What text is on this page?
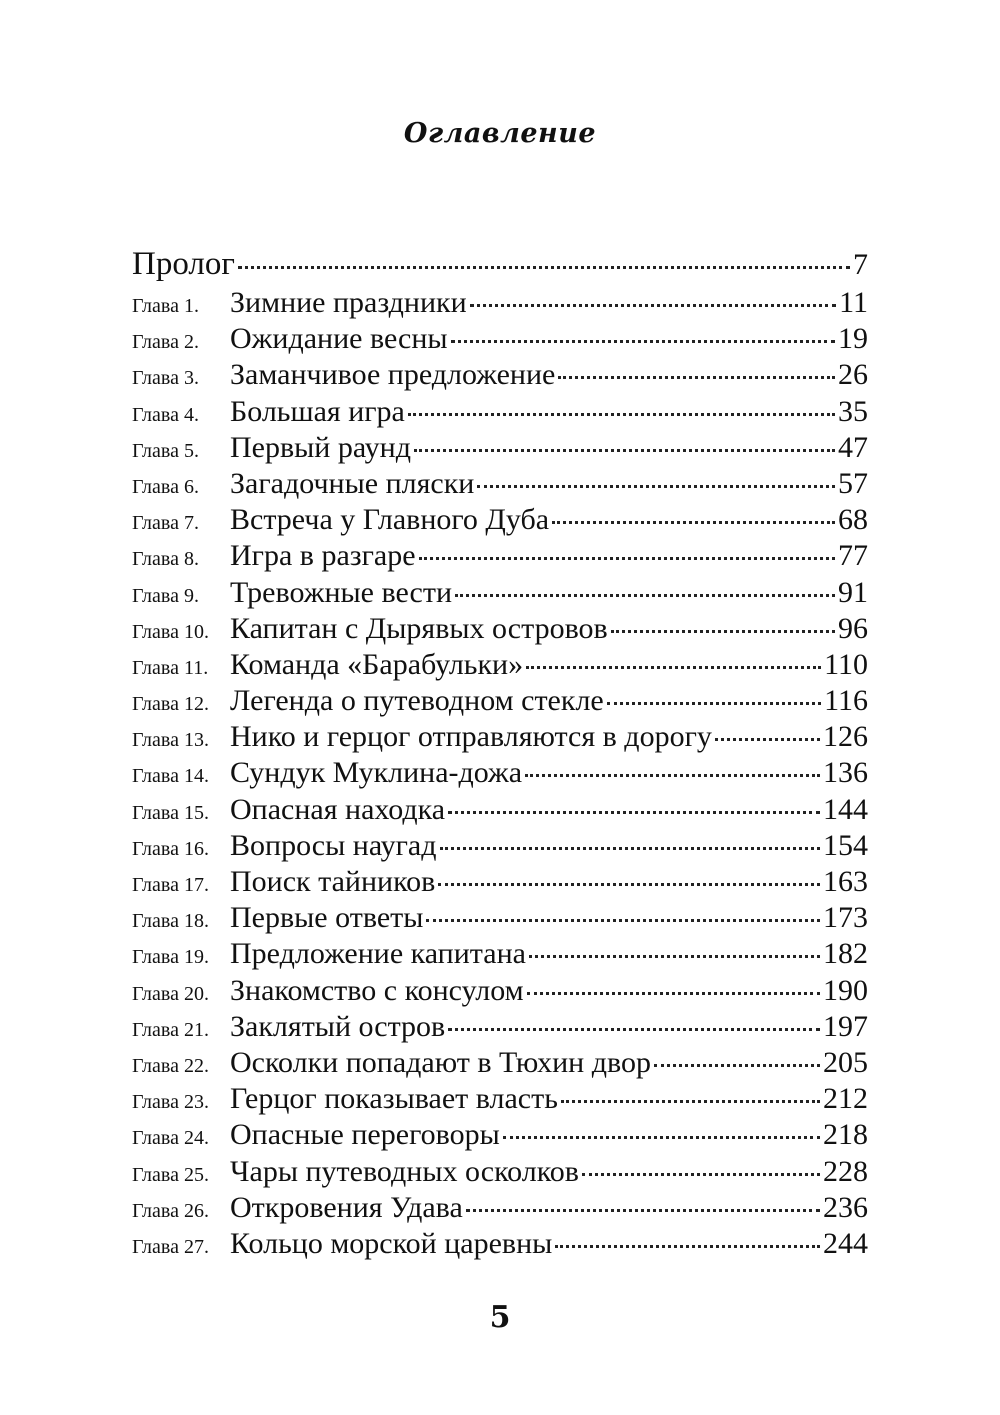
Оглавление
Пролог	7
Глава 1.	Зимние праздники	11
Глава 2.	Ожидание весны	19
Глава 3.	Заманчивое предложение	26
Глава 4.	Большая игра	35
Глава 5.	Первый раунд	47
Глава 6.	Загадочные пляски	57
Глава 7.	Встреча у Главного Дуба	68
Глава 8.	Игра в разгаре	77
Глава 9.	Тревожные вести	91
Глава 10. Капитан с Дырявых островов	96
Глава 11. Команда «Барабульки»	110
Глава 12. Легенда о путеводном стекле	116
Глава 13. Нико и герцог отправляются в дорогу	126
Глава 14. Сундук Муклина-дожа	136
Глава 15. Опасная находка	144
Глава 16. Вопросы наугад	154
Глава 17. Поиск тайников	163
Глава 18. Первые ответы	173
Глава 19. Предложение капитана	182
Глава 20. Знакомство с консулом	190
Глава 21. Заклятый остров	197
Глава 22. Осколки попадают в Тюхин двор	205
Глава 23. Герцог показывает власть	212
Глава 24. Опасные переговоры	218
Глава 25. Чары путеводных осколков	228
Глава 26. Откровения Удава	236
Глава 27. Кольцо морской царевны	244
5
